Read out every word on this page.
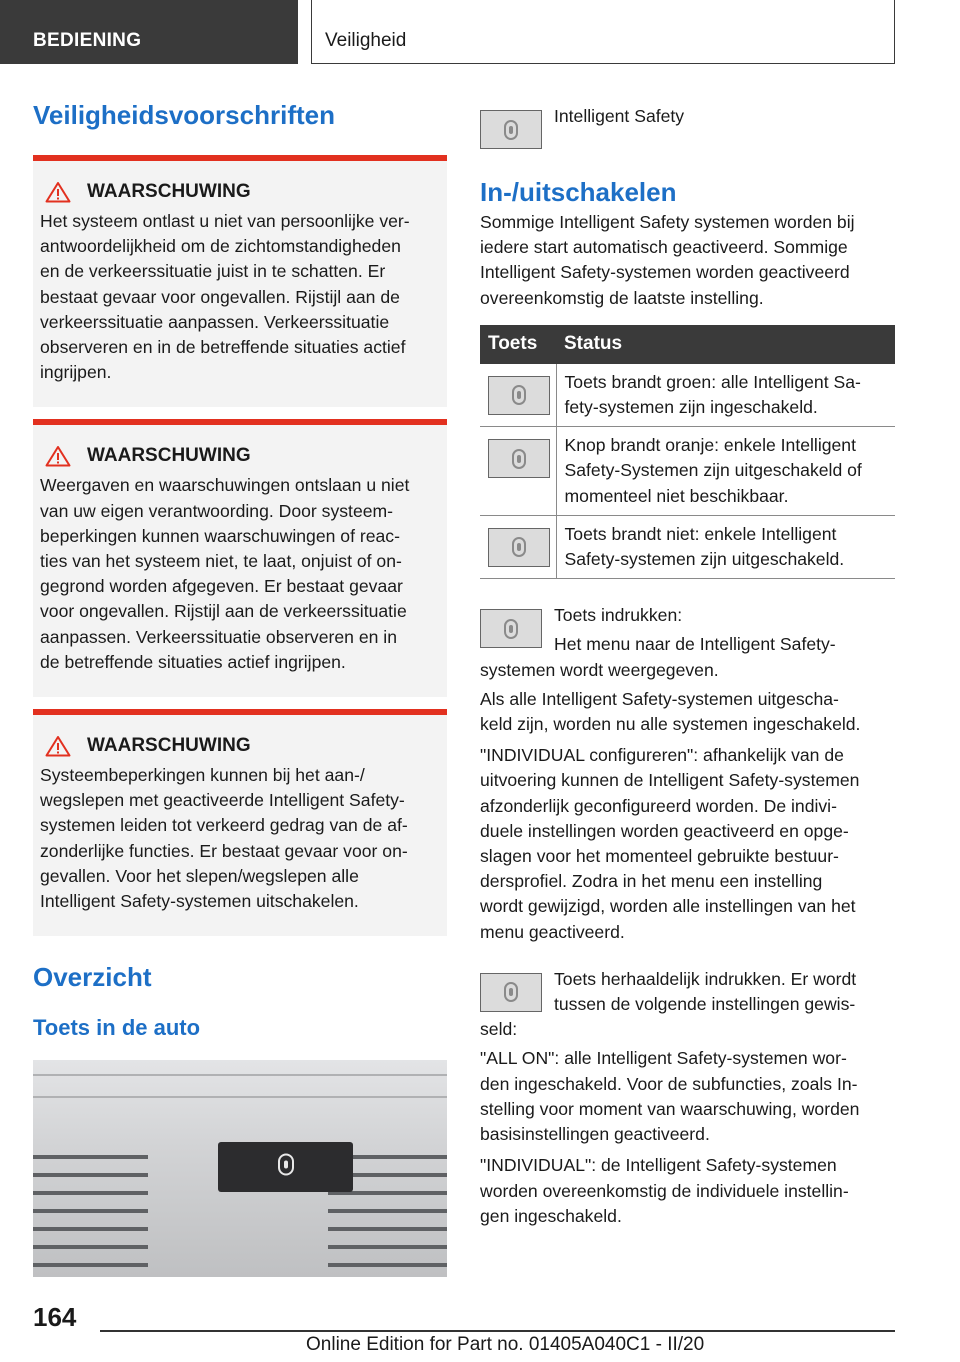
BEDIENING	Veiligheid
Veiligheidsvoorschriften
WAARSCHUWING
Het systeem ontlast u niet van persoonlijke ver-
antwoordelijkheid om de zichtomstandigheden
en de verkeerssituatie juist in te schatten. Er
bestaat gevaar voor ongevallen. Rijstijl aan de
verkeerssituatie aanpassen. Verkeerssituatie
observeren en in de betreffende situaties actief
ingrijpen.
WAARSCHUWING
Weergaven en waarschuwingen ontslaan u niet
van uw eigen verantwoording. Door systeem-
beperkingen kunnen waarschuwingen of reac-
ties van het systeem niet, te laat, onjuist of on-
gegrond worden afgegeven. Er bestaat gevaar
voor ongevallen. Rijstijl aan de verkeerssituatie
aanpassen. Verkeerssituatie observeren en in
de betreffende situaties actief ingrijpen.
WAARSCHUWING
Systeembeperkingen kunnen bij het aan-/
wegslepen met geactiveerde Intelligent Safety-
systemen leiden tot verkeerd gedrag van de af-
zonderlijke functies. Er bestaat gevaar voor on-
gevallen. Voor het slepen/wegslepen alle
Intelligent Safety-systemen uitschakelen.
Overzicht
Toets in de auto
Intelligent Safety
In-/uitschakelen
Sommige Intelligent Safety systemen worden bij
iedere start automatisch geactiveerd. Sommige
Intelligent Safety-systemen worden geactiveerd
overeenkomstig de laatste instelling.
Toets	Status

	Toets brandt groen: alle Intelligent Sa-
fety-systemen zijn ingeschakeld.

	Knop brandt oranje: enkele Intelligent
Safety-Systemen zijn uitgeschakeld of
momenteel niet beschikbaar.

	Toets brandt niet: enkele Intelligent
Safety-systemen zijn uitgeschakeld.
Toets indrukken:
Het menu naar de Intelligent Safety-
systemen wordt weergegeven.
Als alle Intelligent Safety-systemen uitgescha-
keld zijn, worden nu alle systemen ingeschakeld.
"INDIVIDUAL configureren": afhankelijk van de
uitvoering kunnen de Intelligent Safety-systemen
afzonderlijk geconfigureerd worden. De indivi-
duele instellingen worden geactiveerd en opge-
slagen voor het momenteel gebruikte bestuur-
dersprofiel. Zodra in het menu een instelling
wordt gewijzigd, worden alle instellingen van het
menu geactiveerd.
Toets herhaaldelijk indrukken. Er wordt
tussen de volgende instellingen gewis-
seld:
"ALL ON": alle Intelligent Safety-systemen wor-
den ingeschakeld. Voor de subfuncties, zoals In-
stelling voor moment van waarschuwing, worden
basisinstellingen geactiveerd.
"INDIVIDUAL": de Intelligent Safety-systemen
worden overeenkomstig de individuele instellin-
gen ingeschakeld.
164
Online Edition for Part no. 01405A040C1 - II/20
